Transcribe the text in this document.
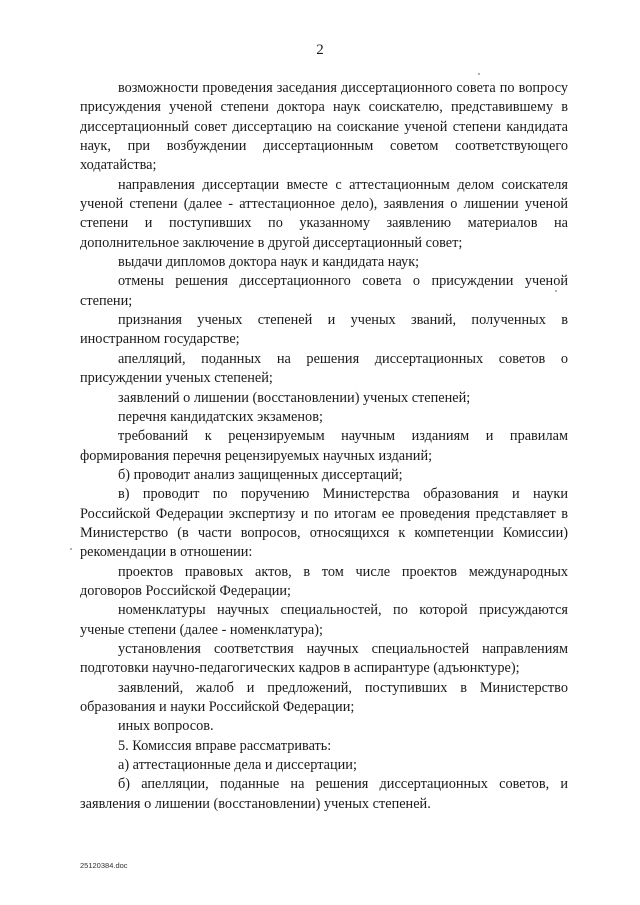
2

возможности проведения заседания диссертационного совета по вопросу присуждения ученой степени доктора наук соискателю, представившему в диссертационный совет диссертацию на соискание ученой степени кандидата наук, при возбуждении диссертационным советом соответствующего ходатайства;

направления диссертации вместе с аттестационным делом соискателя ученой степени (далее - аттестационное дело), заявления о лишении ученой степени и поступивших по указанному заявлению материалов на дополнительное заключение в другой диссертационный совет;

выдачи дипломов доктора наук и кандидата наук;

отмены решения диссертационного совета о присуждении ученой степени;

признания ученых степеней и ученых званий, полученных в иностранном государстве;

апелляций, поданных на решения диссертационных советов о присуждении ученых степеней;

заявлений о лишении (восстановлении) ученых степеней;

перечня кандидатских экзаменов;

требований к рецензируемым научным изданиям и правилам формирования перечня рецензируемых научных изданий;

б) проводит анализ защищенных диссертаций;

в) проводит по поручению Министерства образования и науки Российской Федерации экспертизу и по итогам ее проведения представляет в Министерство (в части вопросов, относящихся к компетенции Комиссии) рекомендации в отношении:

проектов правовых актов, в том числе проектов международных договоров Российской Федерации;

номенклатуры научных специальностей, по которой присуждаются ученые степени (далее - номенклатура);

установления соответствия научных специальностей направлениям подготовки научно-педагогических кадров в аспирантуре (адъюнктуре);

заявлений, жалоб и предложений, поступивших в Министерство образования и науки Российской Федерации;

иных вопросов.

5. Комиссия вправе рассматривать:

а) аттестационные дела и диссертации;

б) апелляции, поданные на решения диссертационных советов, и заявления о лишении (восстановлении) ученых степеней.

25120384.doc
